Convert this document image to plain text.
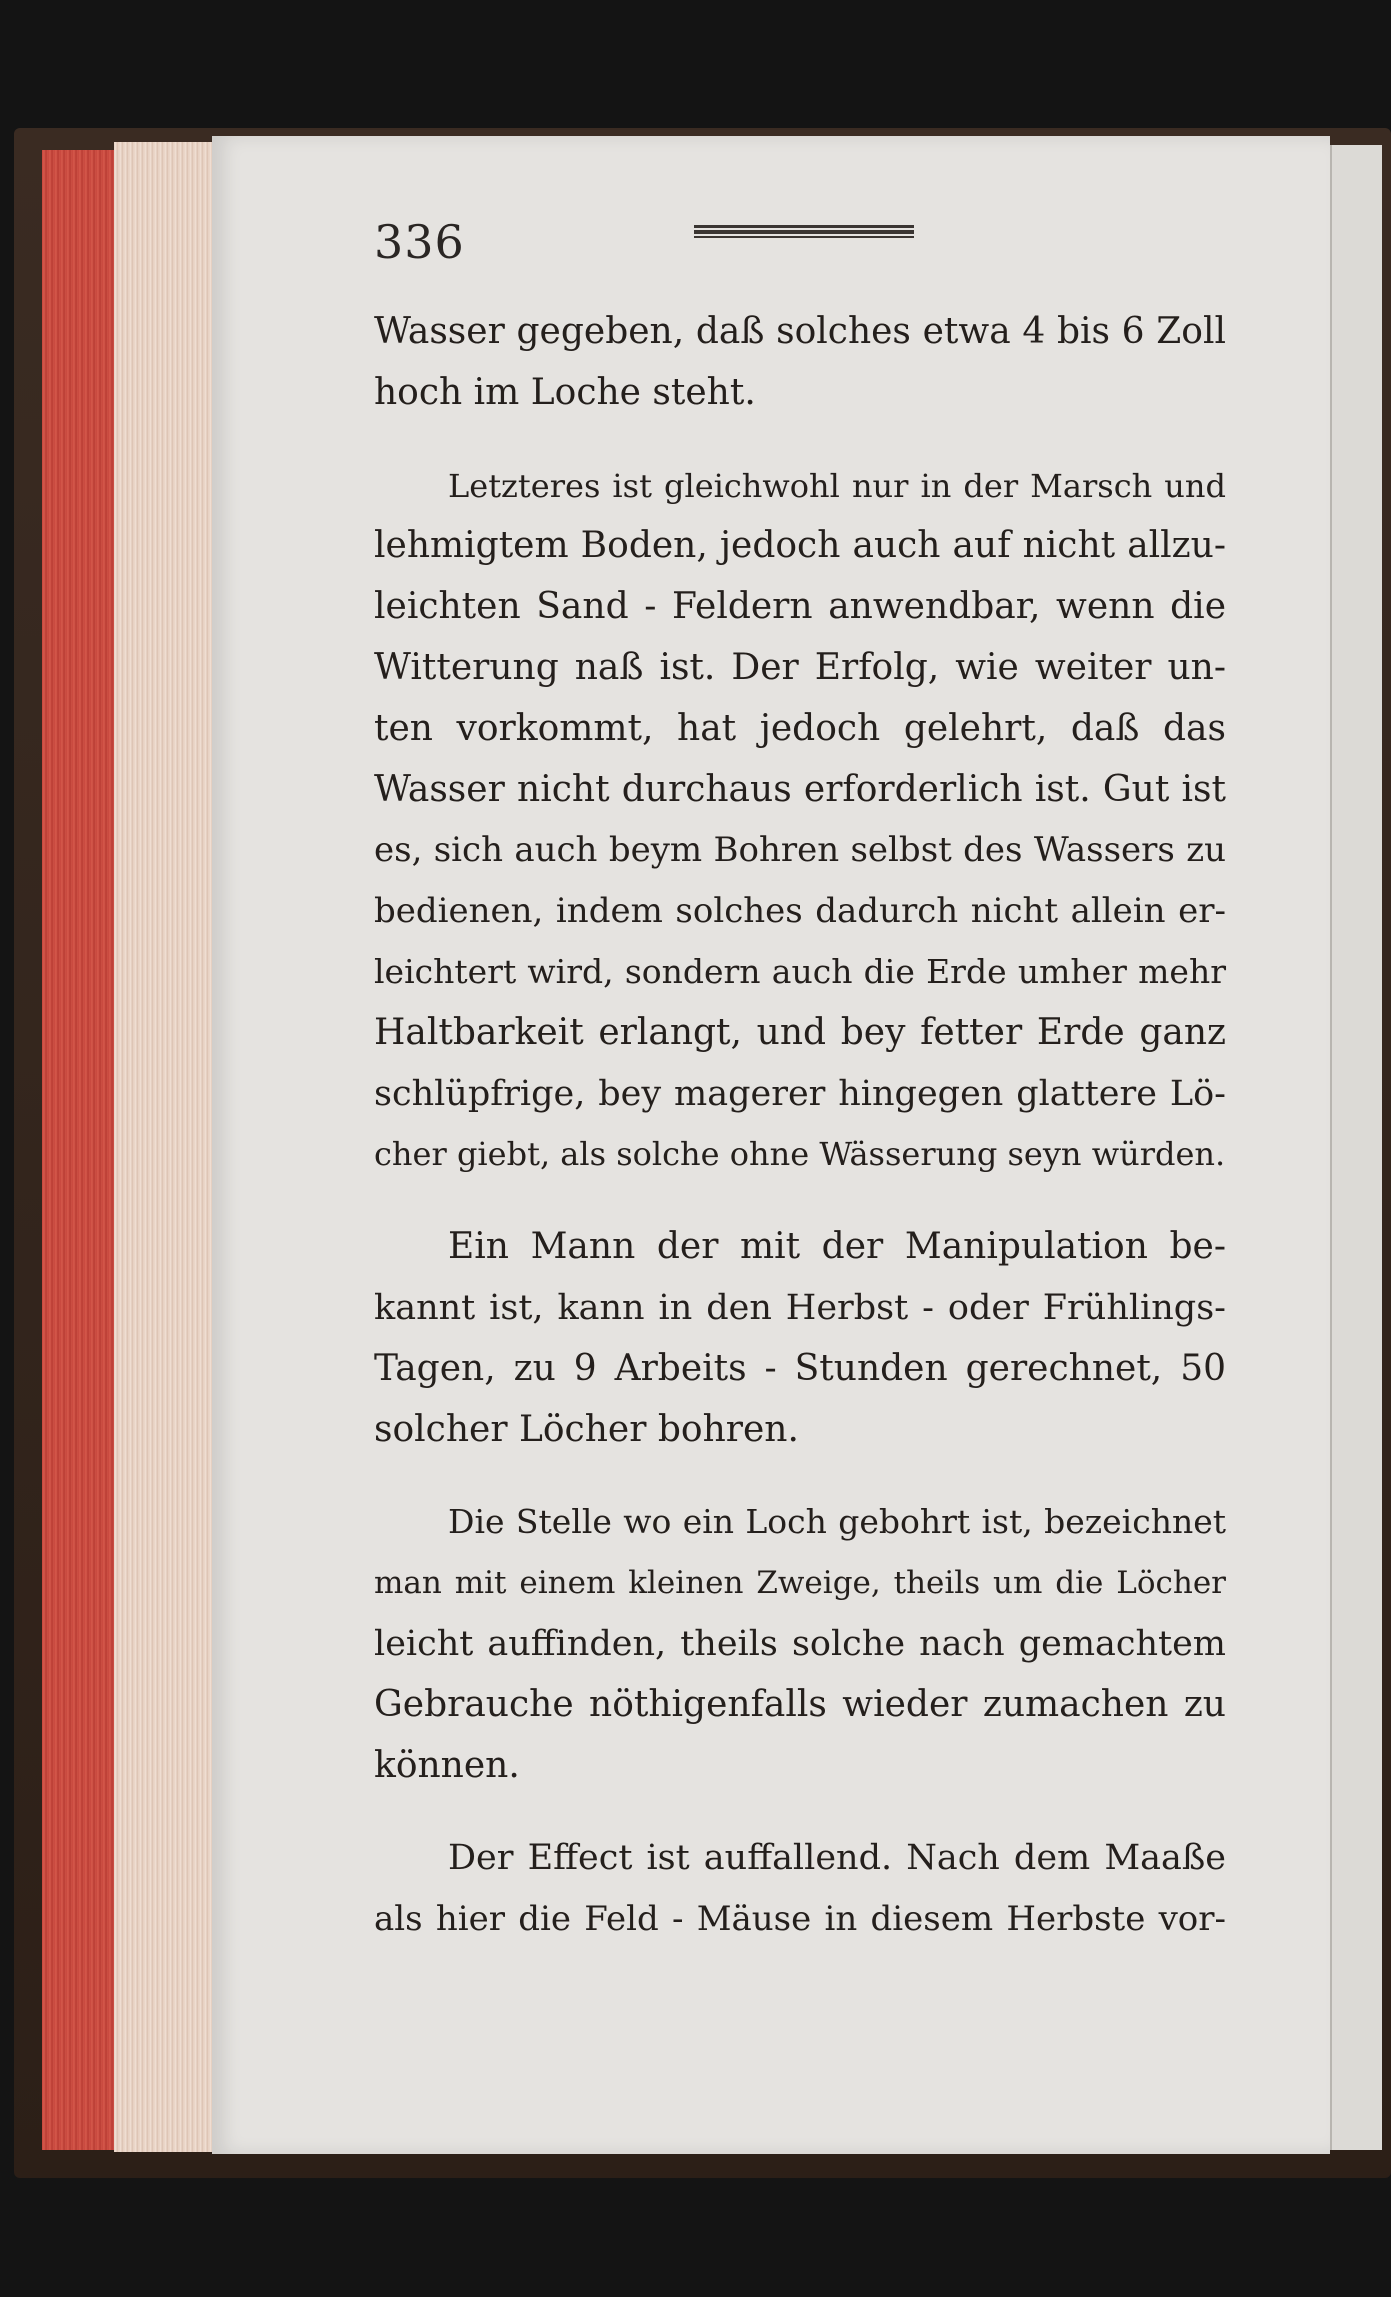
336

Wasser gegeben, daß solches etwa 4 bis 6 Zoll
hoch im Loche steht.

Letzteres ist gleichwohl nur in der Marsch und
lehmigtem Boden, jedoch auch auf nicht allzu-
leichten Sand - Feldern anwendbar, wenn die
Witterung naß ist. Der Erfolg, wie weiter un-
ten vorkommt, hat jedoch gelehrt, daß das
Wasser nicht durchaus erforderlich ist. Gut ist
es, sich auch beym Bohren selbst des Wassers zu
bedienen, indem solches dadurch nicht allein er-
leichtert wird, sondern auch die Erde umher mehr
Haltbarkeit erlangt, und bey fetter Erde ganz
schlüpfrige, bey magerer hingegen glattere Lö-
cher giebt, als solche ohne Wässerung seyn würden.

Ein Mann der mit der Manipulation be-
kannt ist, kann in den Herbst - oder Frühlings-
Tagen, zu 9 Arbeits - Stunden gerechnet, 50
solcher Löcher bohren.

Die Stelle wo ein Loch gebohrt ist, bezeichnet
man mit einem kleinen Zweige, theils um die Löcher
leicht auffinden, theils solche nach gemachtem
Gebrauche nöthigenfalls wieder zumachen zu
können.

Der Effect ist auffallend. Nach dem Maaße
als hier die Feld - Mäuse in diesem Herbste vor-
